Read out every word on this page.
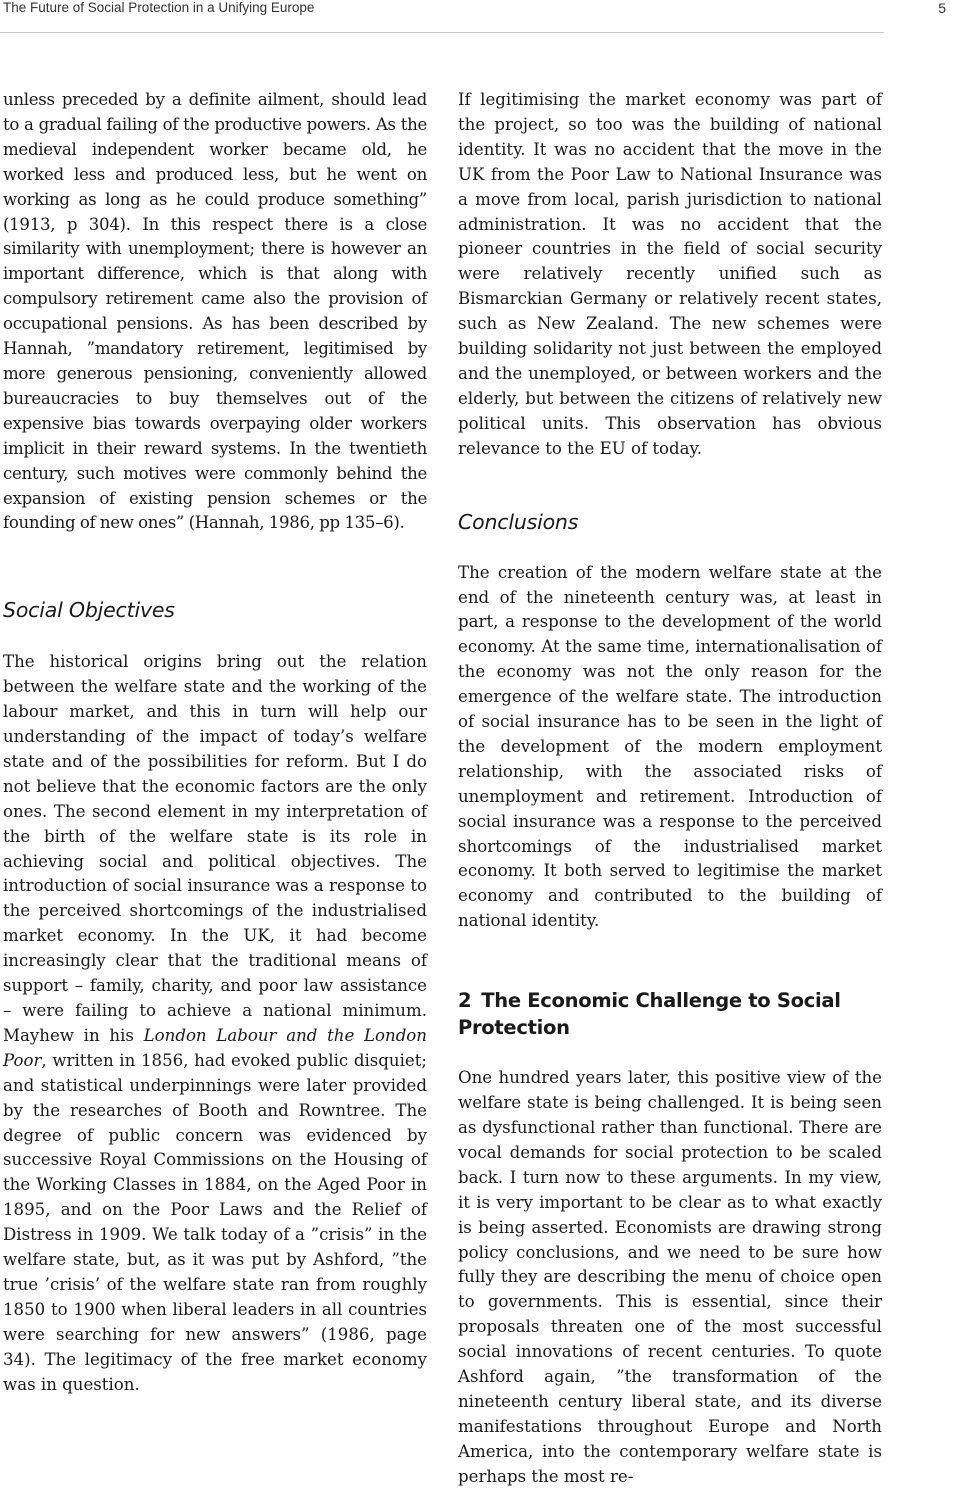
The Future of Social Protection in a Unifying Europe	5

unless preceded by a definite ailment, should lead to a gradual failing of the productive powers. As the medieval independent worker became old, he worked less and produced less, but he went on working as long as he could produce something” (1913, p 304). In this respect there is a close similarity with unemployment; there is however an important difference, which is that along with compulsory retirement came also the provision of occupational pensions. As has been described by Hannah, ”mandatory retirement, legitimised by more generous pensioning, conveniently allowed bureaucracies to buy themselves out of the expensive bias towards overpaying older workers implicit in their reward systems. In the twentieth century, such motives were commonly behind the expansion of existing pension schemes or the founding of new ones” (Hannah, 1986, pp 135–6).

Social Objectives

The historical origins bring out the relation between the welfare state and the working of the labour market, and this in turn will help our understanding of the impact of today’s welfare state and of the possibilities for reform. But I do not believe that the economic factors are the only ones. The second element in my interpretation of the birth of the welfare state is its role in achieving social and political objectives. The introduction of social insurance was a response to the perceived shortcomings of the industrialised market economy. In the UK, it had become increasingly clear that the traditional means of support – family, charity, and poor law assistance – were failing to achieve a national minimum. Mayhew in his London Labour and the London Poor, written in 1856, had evoked public disquiet; and statistical underpinnings were later provided by the researches of Booth and Rowntree. The degree of public concern was evidenced by successive Royal Commissions on the Housing of the Working Classes in 1884, on the Aged Poor in 1895, and on the Poor Laws and the Relief of Distress in 1909. We talk today of a ”crisis” in the welfare state, but, as it was put by Ashford, ”the true ’crisis’ of the welfare state ran from roughly 1850 to 1900 when liberal leaders in all countries were searching for new answers” (1986, page 34). The legitimacy of the free market economy was in question.

If legitimising the market economy was part of the project, so too was the building of national identity. It was no accident that the move in the UK from the Poor Law to National Insurance was a move from local, parish jurisdiction to national administration. It was no accident that the pioneer countries in the field of social security were relatively recently unified such as Bismarckian Germany or relatively recent states, such as New Zealand. The new schemes were building solidarity not just between the employed and the unemployed, or between workers and the elderly, but between the citizens of relatively new political units. This observation has obvious relevance to the EU of today.

Conclusions

The creation of the modern welfare state at the end of the nineteenth century was, at least in part, a response to the development of the world economy. At the same time, internationalisation of the economy was not the only reason for the emergence of the welfare state. The introduction of social insurance has to be seen in the light of the development of the modern employment relationship, with the associated risks of unemployment and retirement. Introduction of social insurance was a response to the perceived shortcomings of the industrialised market economy. It both served to legitimise the market economy and contributed to the building of national identity.

2 The Economic Challenge to Social Protection

One hundred years later, this positive view of the welfare state is being challenged. It is being seen as dysfunctional rather than functional. There are vocal demands for social protection to be scaled back. I turn now to these arguments. In my view, it is very important to be clear as to what exactly is being asserted. Economists are drawing strong policy conclusions, and we need to be sure how fully they are describing the menu of choice open to governments. This is essential, since their proposals threaten one of the most successful social innovations of recent centuries. To quote Ashford again, ”the transformation of the nineteenth century liberal state, and its diverse manifestations throughout Europe and North America, into the contemporary welfare state is perhaps the most re-
